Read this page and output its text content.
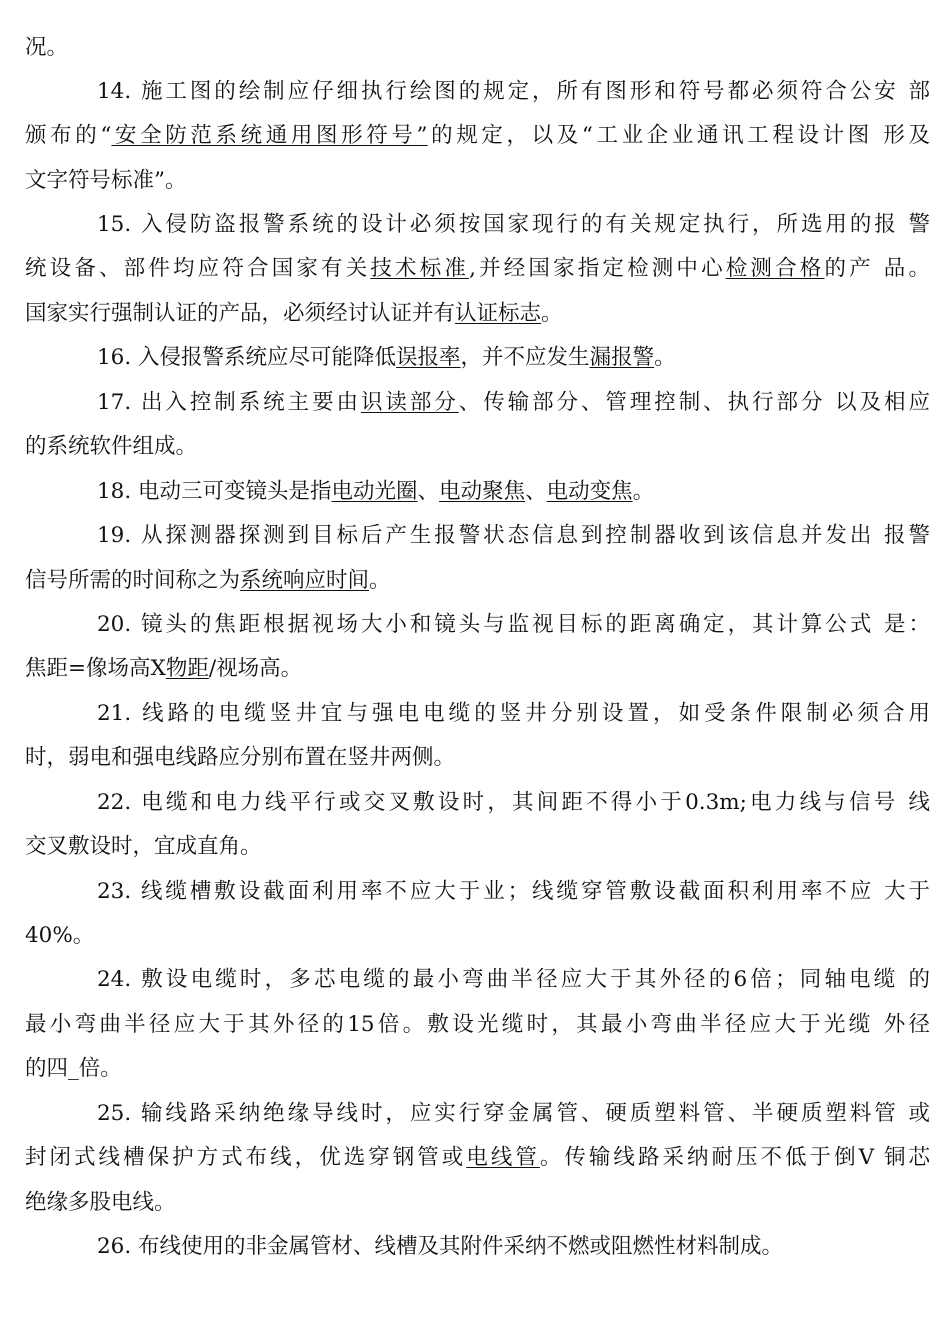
况。
14. 施工图的绘制应仔细执行绘图的规定，所有图形和符号都必须符合公安 部
颁布的“安全防范系统通用图形符号”的规定，以及“工业企业通讯工程设计图 形及
文字符号标准”。
15. 入侵防盗报警系统的设计必须按国家现行的有关规定执行，所选用的报 警
统设备、部件均应符合国家有关技术标准,并经国家指定检测中心检测合格的产 品。
国家实行强制认证的产品，必须经讨认证并有认证标志。
16. 入侵报警系统应尽可能降低误报率，并不应发生漏报警。
17. 出入控制系统主要由识读部分、传输部分、管理控制、执行部分 以及相应
的系统软件组成。
18. 电动三可变镜头是指电动光圈、电动聚焦、电动变焦。
19. 从探测器探测到目标后产生报警状态信息到控制器收到该信息并发出 报警
信号所需的时间称之为系统响应时间。
20. 镜头的焦距根据视场大小和镜头与监视目标的距离确定，其计算公式 是：
焦距=像场高X物距/视场高。
21. 线路的电缆竖井宜与强电电缆的竖井分别设置，如受条件限制必须合用
时，弱电和强电线路应分别布置在竖井两侧。
22. 电缆和电力线平行或交叉敷设时，其间距不得小于0.3m;电力线与信号 线
交叉敷设时，宜成直角。
23. 线缆槽敷设截面利用率不应大于业；线缆穿管敷设截面积利用率不应 大于
40%。
24. 敷设电缆时，多芯电缆的最小弯曲半径应大于其外径的6倍；同轴电缆 的
最小弯曲半径应大于其外径的15倍。敷设光缆时，其最小弯曲半径应大于光缆 外径
的四_倍。
25. 输线路采纳绝缘导线时，应实行穿金属管、硬质塑料管、半硬质塑料管 或
封闭式线槽保护方式布线，优选穿钢管或电线管。传输线路采纳耐压不低于倒V 铜芯
绝缘多股电线。
26. 布线使用的非金属管材、线槽及其附件采纳不燃或阻燃性材料制成。
